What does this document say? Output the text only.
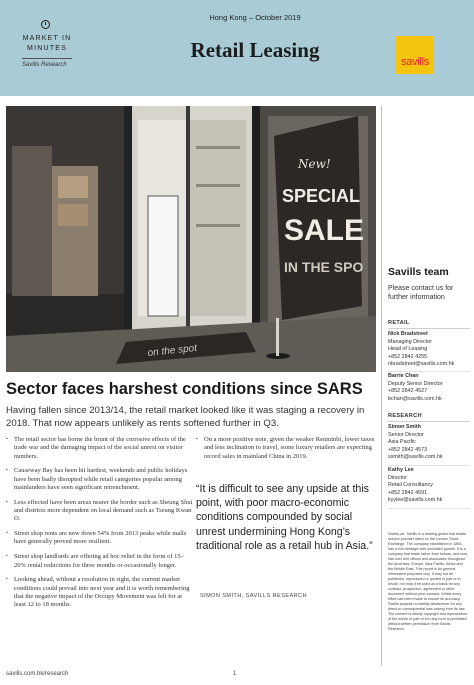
MARKET IN
MINUTES
Savills Research
Hong Kong – October 2019
Retail Leasing	savills
New!
SPECIAL
SALE
IN THE SPO
on the spot
Sector faces harshest conditions since SARS
Having fallen since 2013/14, the retail market looked like it was staging a recovery in 2018. That now appears unlikely as rents softened further in Q3.
▪ The retail sector has borne the brunt of the corrosive effects of the trade war and the damaging impact of the social unrest on visitor numbers.
▪ Causeway Bay has been hit hardest, weekends and public holidays have been badly disrupted while retail categories popular among mainlanders have seen significant retrenchment.
▪ Less effected have been areas nearer the border such as Sheung Shui and districts more dependent on local demand such as Tseung Kwan O.
▪ Street shop rents are now down 54% from 2013 peaks while malls have generally proved more resilient.
▪ Street shop landlords are offering ad hoc relief in the form of 15–20% rental reductions for three months or occasionally longer.
▪ Looking ahead, without a resolution in sight, the current market conditions could prevail into next year and it is worth remembering that the negative impact of the Occupy Movement was felt for at least 12 to 18 months.
▪ On a more positive note, given the weaker Renminbi, lower taxes and less inclination to travel, some luxury retailers are expecting record sales in mainland China in 2019.
“It is difficult to see any upside at this point, with poor macro-economic conditions compounded by social unrest undermining Hong Kong’s traditional role as a retail hub in Asia.”
SIMON SMITH, SAVILLS RESEARCH
savills.com.hk/research	1
Savills team
Please contact us for further information
RETAIL
Nick Bradstreet
Managing Director
Head of Leasing
+852 2842 4255
nbradstreet@savills.com.hk
Barrie Chan
Deputy Senior Director
+852 2842 4527
bchan@savills.com.hk
RESEARCH
Simon Smith
Senior Director
Asia Pacific
+852 2842 4573
ssmith@savills.com.hk
Kathy Lee
Director
Retail Consultancy
+852 2842 4591
kyylee@savills.com.hk
Savills plc: Savills is a leading global real estate service provider listed on the London Stock Exchange. The company established in 1855, has a rich heritage with unrivalled growth. It is a company that leads rather than follows, and now has over 600 offices and associates throughout the Americas, Europe, Asia Pacific, Africa and the Middle East. This report is for general informative purposes only. It may not be published, reproduced or quoted in part or in whole, nor may it be used as a basis for any contract, prospectus, agreement or other document without prior consent. Whilst every effort has been made to ensure its accuracy, Savills accepts no liability whatsoever for any direct or consequential loss arising from its use. The content is strictly copyright and reproduction of the whole or part of it in any form is prohibited without written permission from Savills Research.
